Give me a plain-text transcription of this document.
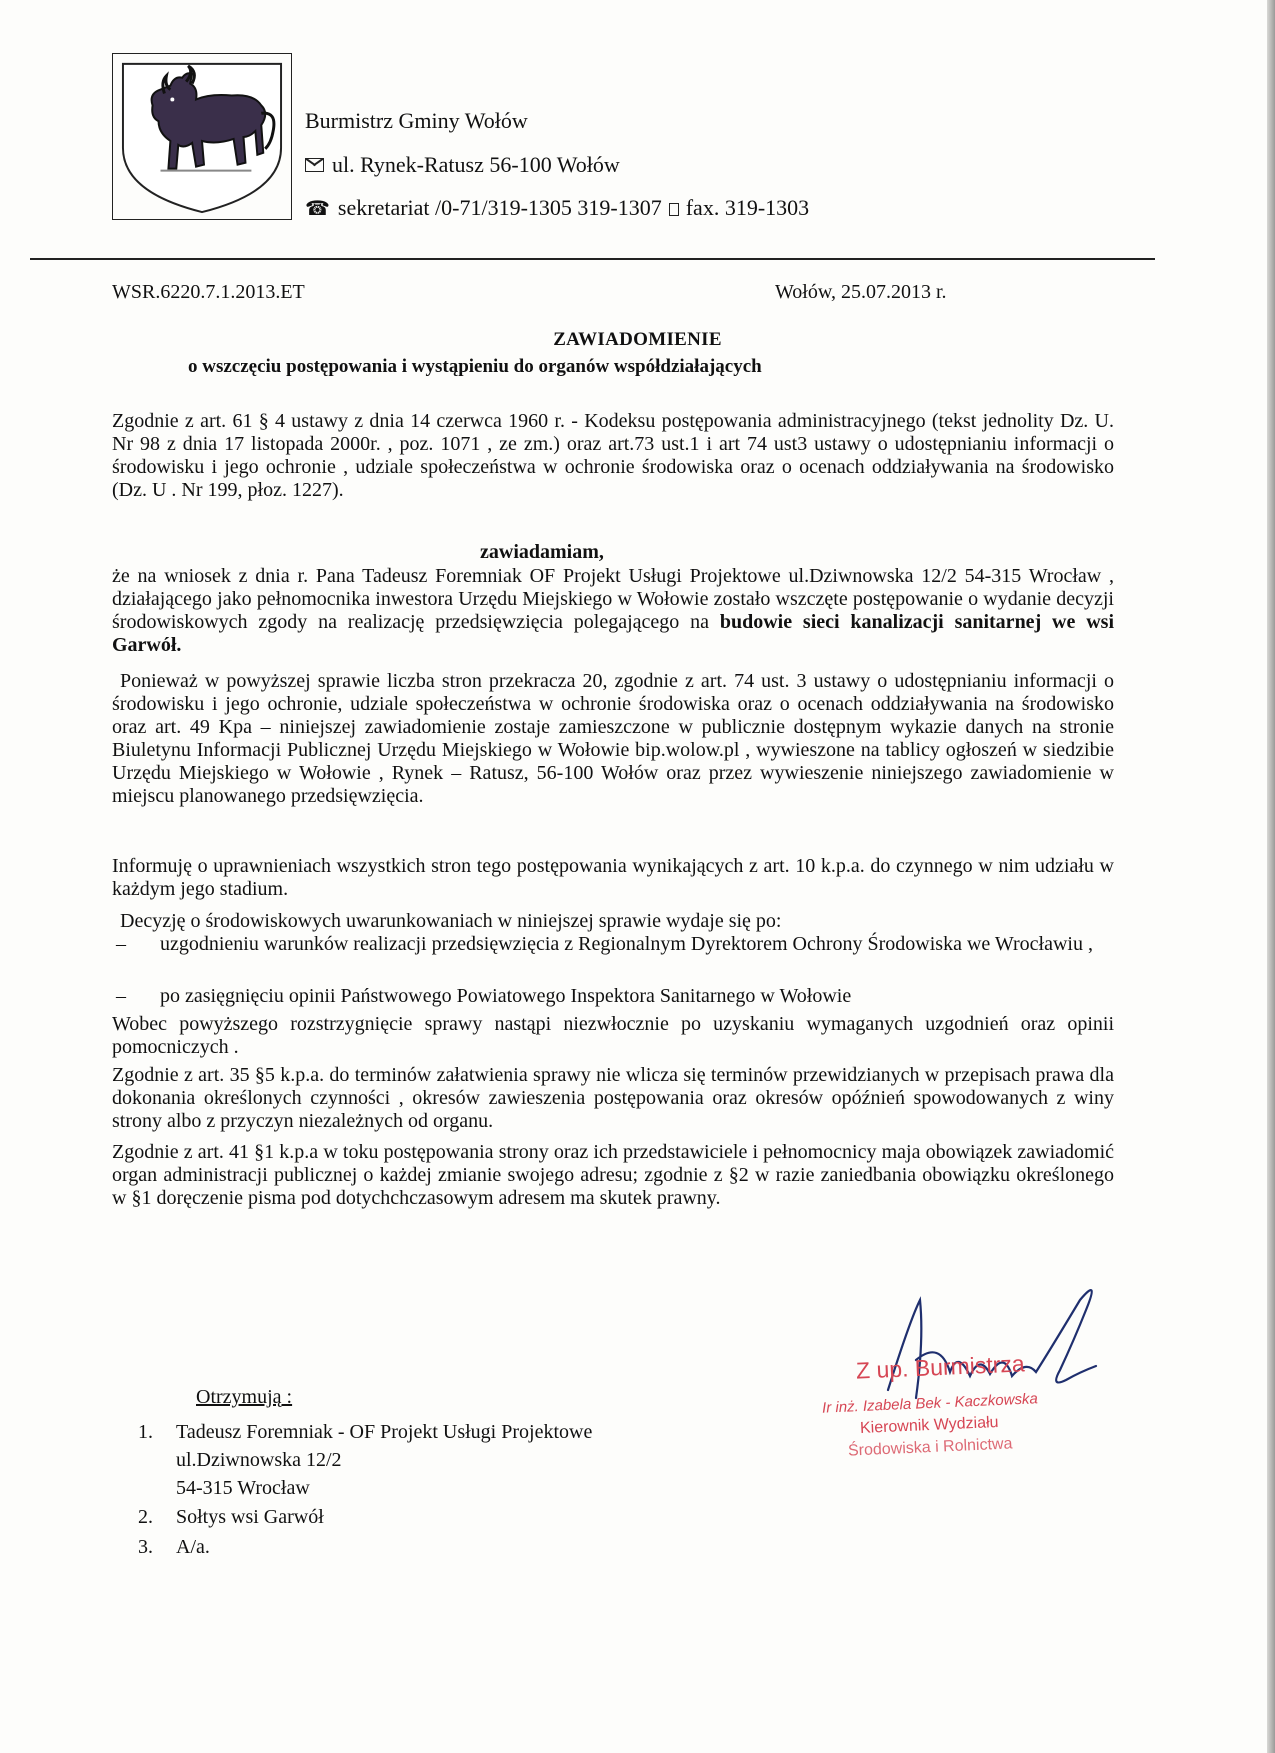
Burmistrz Gminy Wołów
ul. Rynek-Ratusz 56-100 Wołów
☎ sekretariat /0-71/319-1305 319-1307 fax. 319-1303
WSR.6220.7.1.2013.ET	Wołów, 25.07.2013 r.
ZAWIADOMIENIE
o wszczęciu postępowania i wystąpieniu do organów współdziałających

Zgodnie z art. 61 § 4 ustawy z dnia 14 czerwca 1960 r. - Kodeksu postępowania administracyjnego (tekst jednolity Dz. U. Nr 98 z dnia 17 listopada 2000r. , poz. 1071 , ze zm.) oraz art.73 ust.1 i art 74 ust3 ustawy o udostępnianiu informacji o środowisku i jego ochronie , udziale społeczeństwa w ochronie środowiska oraz o ocenach oddziaływania na środowisko (Dz. U . Nr 199, płoz. 1227).

zawiadamiam,

że na wniosek z dnia r. Pana Tadeusz Foremniak OF Projekt Usługi Projektowe ul.Dziwnowska 12/2 54-315 Wrocław , działającego jako pełnomocnika inwestora Urzędu Miejskiego w Wołowie zostało wszczęte postępowanie o wydanie decyzji środowiskowych zgody na realizację przedsięwzięcia polegającego na budowie sieci kanalizacji sanitarnej we wsi Garwół.

Ponieważ w powyższej sprawie liczba stron przekracza 20, zgodnie z art. 74 ust. 3 ustawy o udostępnianiu informacji o środowisku i jego ochronie, udziale społeczeństwa w ochronie środowiska oraz o ocenach oddziaływania na środowisko oraz art. 49 Kpa – niniejszej zawiadomienie zostaje zamieszczone w publicznie dostępnym wykazie danych na stronie Biuletynu Informacji Publicznej Urzędu Miejskiego w Wołowie bip.wolow.pl , wywieszone na tablicy ogłoszeń w siedzibie Urzędu Miejskiego w Wołowie , Rynek – Ratusz, 56-100 Wołów oraz przez wywieszenie niniejszego zawiadomienie w miejscu planowanego przedsięwzięcia.

Informuję o uprawnieniach wszystkich stron tego postępowania wynikających z art. 10 k.p.a. do czynnego w nim udziału w każdym jego stadium.

Decyzję o środowiskowych uwarunkowaniach w niniejszej sprawie wydaje się po:

– uzgodnieniu warunków realizacji przedsięwzięcia z Regionalnym Dyrektorem Ochrony Środowiska we Wrocławiu ,
– po zasięgnięciu opinii Państwowego Powiatowego Inspektora Sanitarnego w Wołowie

Wobec powyższego rozstrzygnięcie sprawy nastąpi niezwłocznie po uzyskaniu wymaganych uzgodnień oraz opinii pomocniczych .

Zgodnie z art. 35 §5 k.p.a. do terminów załatwienia sprawy nie wlicza się terminów przewidzianych w przepisach prawa dla dokonania określonych czynności , okresów zawieszenia postępowania oraz okresów opóźnień spowodowanych z winy strony albo z przyczyn niezależnych od organu.

Zgodnie z art. 41 §1 k.p.a w toku postępowania strony oraz ich przedstawiciele i pełnomocnicy maja obowiązek zawiadomić organ administracji publicznej o każdej zmianie swojego adresu; zgodnie z §2 w razie zaniedbania obowiązku określonego w §1 doręczenie pisma pod dotychchczasowym adresem ma skutek prawny.

Z up. Burmistrza
Ir inż. Izabela Bek - Kaczkowska
Kierownik Wydziału
Środowiska i Rolnictwa
Otrzymują :
1. Tadeusz Foremniak - OF Projekt Usługi Projektowe
ul.Dziwnowska 12/2
54-315 Wrocław
2. Sołtys wsi Garwół
3. A/a.
